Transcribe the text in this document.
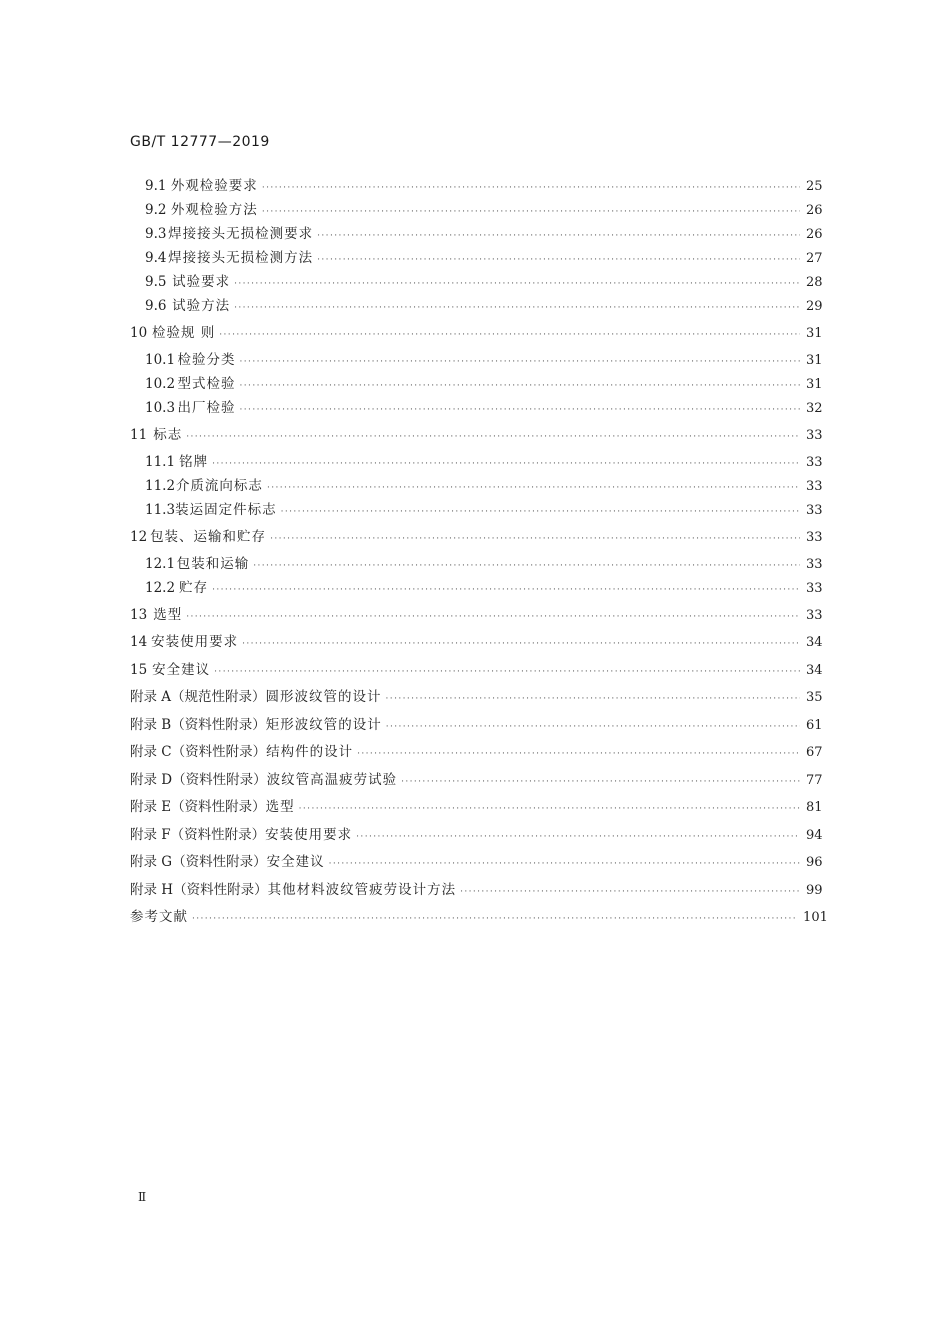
GB/T 12777—2019
9.1 外观检验要求 ·····	25
9.2 外观检验方法 ·····	26
9.3 焊接接头无损检测要求 ·····	26
9.4 焊接接头无损检测方法 ·····	27
9.5 试验要求 ·····	28
9.6 试验方法 ·····	29
10 检验规 则 ·····	31
10.1 检验分类 ·····	31
10.2 型式检验 ·····	31
10.3 出厂检验 ·····	32
11 标志 ·····	33
11.1 铭牌 ·····	33
11.2 介质流向标志 ·····	33
11.3 装运固定件标志 ·····	33
12 包装、运输和贮存 ·····	33
12.1 包装和运输 ·····	33
12.2 贮存 ·····	33
13 选型 ·····	33
14 安装使用要求 ·····	34
15 安全建议 ·····	34
附录 A（规范性附录） 圆形波纹管的设计 ·····	35
附录 B（资料性附录） 矩形波纹管的设计 ·····	61
附录 C（资料性附录） 结构件的设计 ·····	67
附录 D（资料性附录） 波纹管高温疲劳试验 ·····	77
附录 E（资料性附录） 选型 ·····	81
附录 F（资料性附录） 安装使用要求 ·····	94
附录 G（资料性附录） 安全建议 ·····	96
附录 H（资料性附录） 其他材料波纹管疲劳设计方法 ·····	99
参考文献 ·····	101
Ⅱ
